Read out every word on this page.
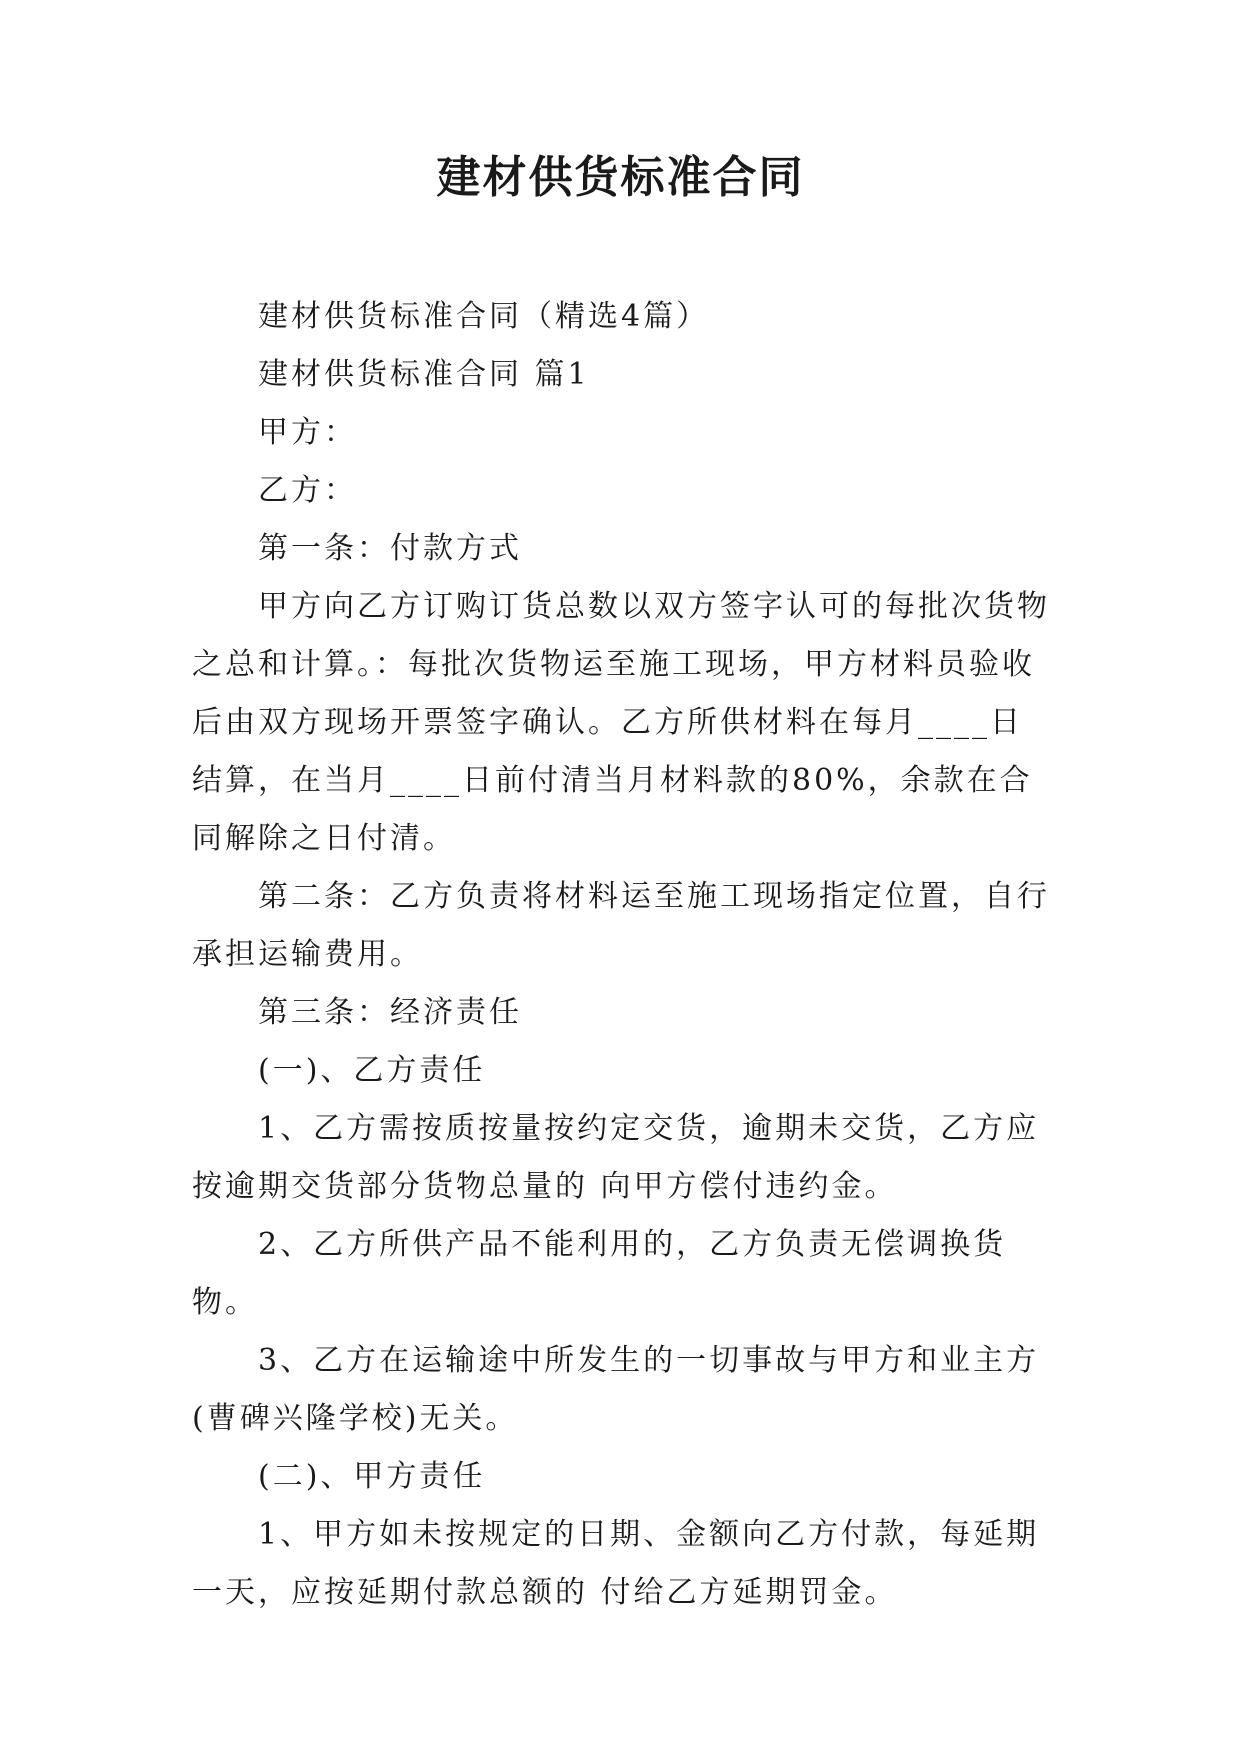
建材供货标准合同

建材供货标准合同（精选4篇）

建材供货标准合同 篇1

甲方：

乙方：

第一条：付款方式

甲方向乙方订购订货总数以双方签字认可的每批次货物之总和计算。：每批次货物运至施工现场，甲方材料员验收后由双方现场开票签字确认。乙方所供材料在每月____日结算，在当月____日前付清当月材料款的80%，余款在合同解除之日付清。

第二条：乙方负责将材料运至施工现场指定位置，自行承担运输费用。

第三条：经济责任

(一)、乙方责任

1、乙方需按质按量按约定交货，逾期未交货，乙方应按逾期交货部分货物总量的 向甲方偿付违约金。

2、乙方所供产品不能利用的，乙方负责无偿调换货物。

3、乙方在运输途中所发生的一切事故与甲方和业主方(曹碑兴隆学校)无关。

(二)、甲方责任

1、甲方如未按规定的日期、金额向乙方付款，每延期一天，应按延期付款总额的 付给乙方延期罚金。
